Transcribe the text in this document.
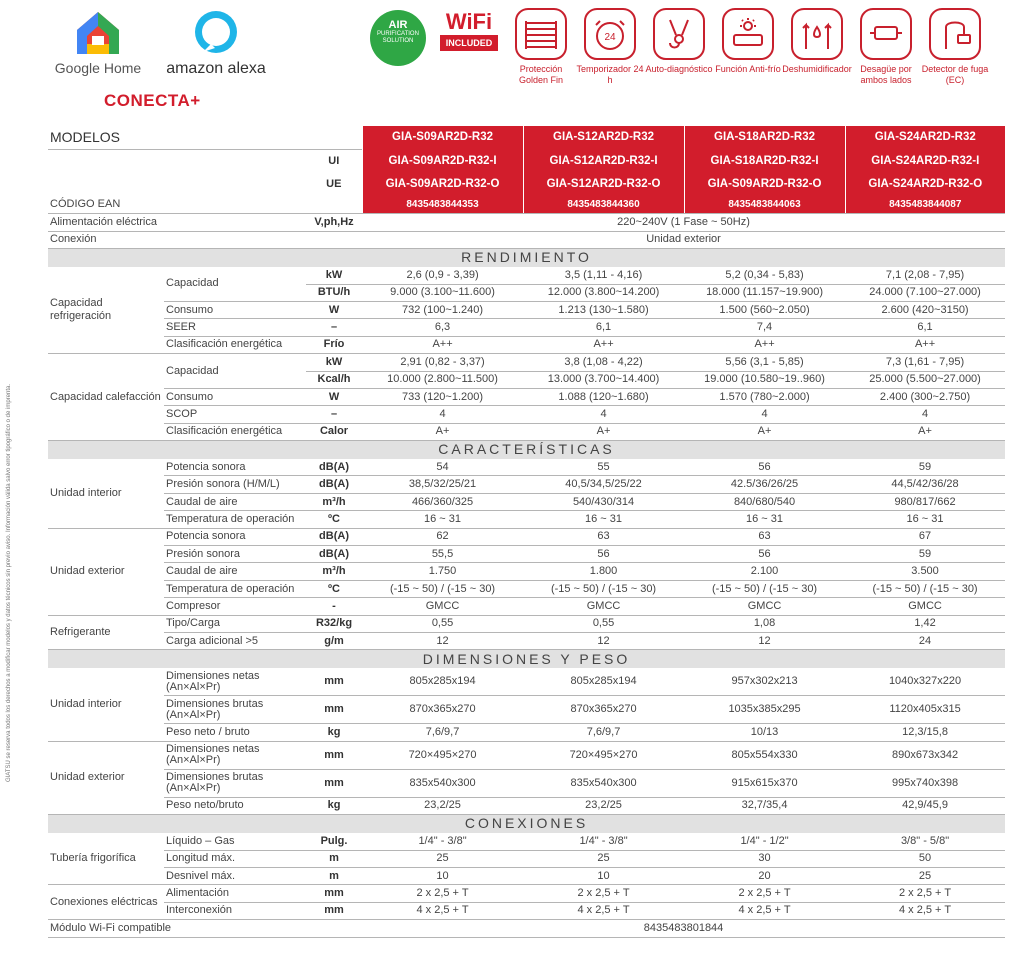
Google Home	amazon alexa
CONECTA+
AIR
PURIFICATION SOLUTION
WiFi
INCLUDED
Protección Golden Fin
24
Temporizador 24 h
Auto-diagnóstico Función Anti-frío Deshumidificador Desagüe por ambos lados
Detector de fuga (EC)
MODELOS			GIA-S09AR2D-R32	GIA-S12AR2D-R32	GIA-S18AR2D-R32	GIA-S24AR2D-R32
		UI	GIA-S09AR2D-R32-I	GIA-S12AR2D-R32-I	GIA-S18AR2D-R32-I	GIA-S24AR2D-R32-I
		UE	GIA-S09AR2D-R32-O	GIA-S12AR2D-R32-O	GIA-S09AR2D-R32-O	GIA-S24AR2D-R32-O
CÓDIGO EAN			8435483844353	8435483844360	8435483844063	8435483844087
Alimentación eléctrica		V,ph,Hz	220~240V (1 Fase ~ 50Hz)			
Conexión			Unidad exterior			
RENDIMIENTO						
Capacidad refrigeración	Capacidad	kW	2,6 (0,9 - 3,39)	3,5 (1,11 - 4,16)	5,2 (0,34 - 5,83)	7,1 (2,08 - 7,95)
		BTU/h	9.000 (3.100~11.600)	12.000 (3.800~14.200)	18.000 (11.157~19.900)	24.000 (7.100~27.000)
	Consumo	W	732 (100~1.240)	1.213 (130~1.580)	1.500 (560~2.050)	2.600 (420~3150)
	SEER	–	6,3	6,1	7,4	6,1
	Clasificación energética	Frío	A++	A++	A++	A++
Capacidad calefacción	Capacidad	kW	2,91 (0,82 - 3,37)	3,8 (1,08 - 4,22)	5,56 (3,1 - 5,85)	7,3 (1,61 - 7,95)
		Kcal/h	10.000 (2.800~11.500)	13.000 (3.700~14.400)	19.000 (10.580~19..960)	25.000 (5.500~27.000)
	Consumo	W	733 (120~1.200)	1.088 (120~1.680)	1.570 (780~2.000)	2.400 (300~2.750)
	SCOP	–	4	4	4	4
	Clasificación energética	Calor	A+	A+	A+	A+
CARACTERÍSTICAS						
Unidad interior	Potencia sonora	dB(A)	54	55	56	59
	Presión sonora (H/M/L)	dB(A)	38,5/32/25/21	40,5/34,5/25/22	42.5/36/26/25	44,5/42/36/28
	Caudal de aire	m³/h	466/360/325	540/430/314	840/680/540	980/817/662
	Temperatura de operación	ºC	16 ~ 31	16 ~ 31	16 ~ 31	16 ~ 31
Unidad exterior	Potencia sonora	dB(A)	62	63	63	67
	Presión sonora	dB(A)	55,5	56	56	59
	Caudal de aire	m³/h	1.750	1.800	2.100	3.500
	Temperatura de operación	ºC	(-15 ~ 50) / (-15 ~ 30)	(-15 ~ 50) / (-15 ~ 30)	(-15 ~ 50) / (-15 ~ 30)	(-15 ~ 50) / (-15 ~ 30)
	Compresor	-	GMCC	GMCC	GMCC	GMCC
Refrigerante	Tipo/Carga	R32/kg	0,55	0,55	1,08	1,42
	Carga adicional >5	g/m	12	12	12	24
DIMENSIONES Y PESO						
Unidad interior	Dimensiones netas (An×Al×Pr)	mm	805x285x194	805x285x194	957x302x213	1040x327x220
	Dimensiones brutas (An×Al×Pr)	mm	870x365x270	870x365x270	1035x385x295	1120x405x315
	Peso neto / bruto	kg	7,6/9,7	7,6/9,7	10/13	12,3/15,8
Unidad exterior	Dimensiones netas (An×Al×Pr)	mm	720×495×270	720×495×270	805x554x330	890x673x342
	Dimensiones brutas (An×Al×Pr)	mm	835x540x300	835x540x300	915x615x370	995x740x398
	Peso neto/bruto	kg	23,2/25	23,2/25	32,7/35,4	42,9/45,9
CONEXIONES						
Tubería frigorífica	Líquido – Gas	Pulg.	1/4" - 3/8"	1/4" - 3/8"	1/4" - 1/2"	3/8" - 5/8"
	Longitud máx.	m	25	25	30	50
	Desnivel máx.	m	10	10	20	25
Conexiones eléctricas	Alimentación	mm	2 x 2,5 + T	2 x 2,5 + T	2 x 2,5 + T	2 x 2,5 + T
	Interconexión	mm	4 x 2,5 + T	4 x 2,5 + T	4 x 2,5 + T	4 x 2,5 + T
Módulo Wi-Fi compatible			8435483801844			
GIATSU se reserva todos los derechos a modificar modelos y datos técnicos sin previo aviso. Información válida salvo error tipográfico o de imprenta.
